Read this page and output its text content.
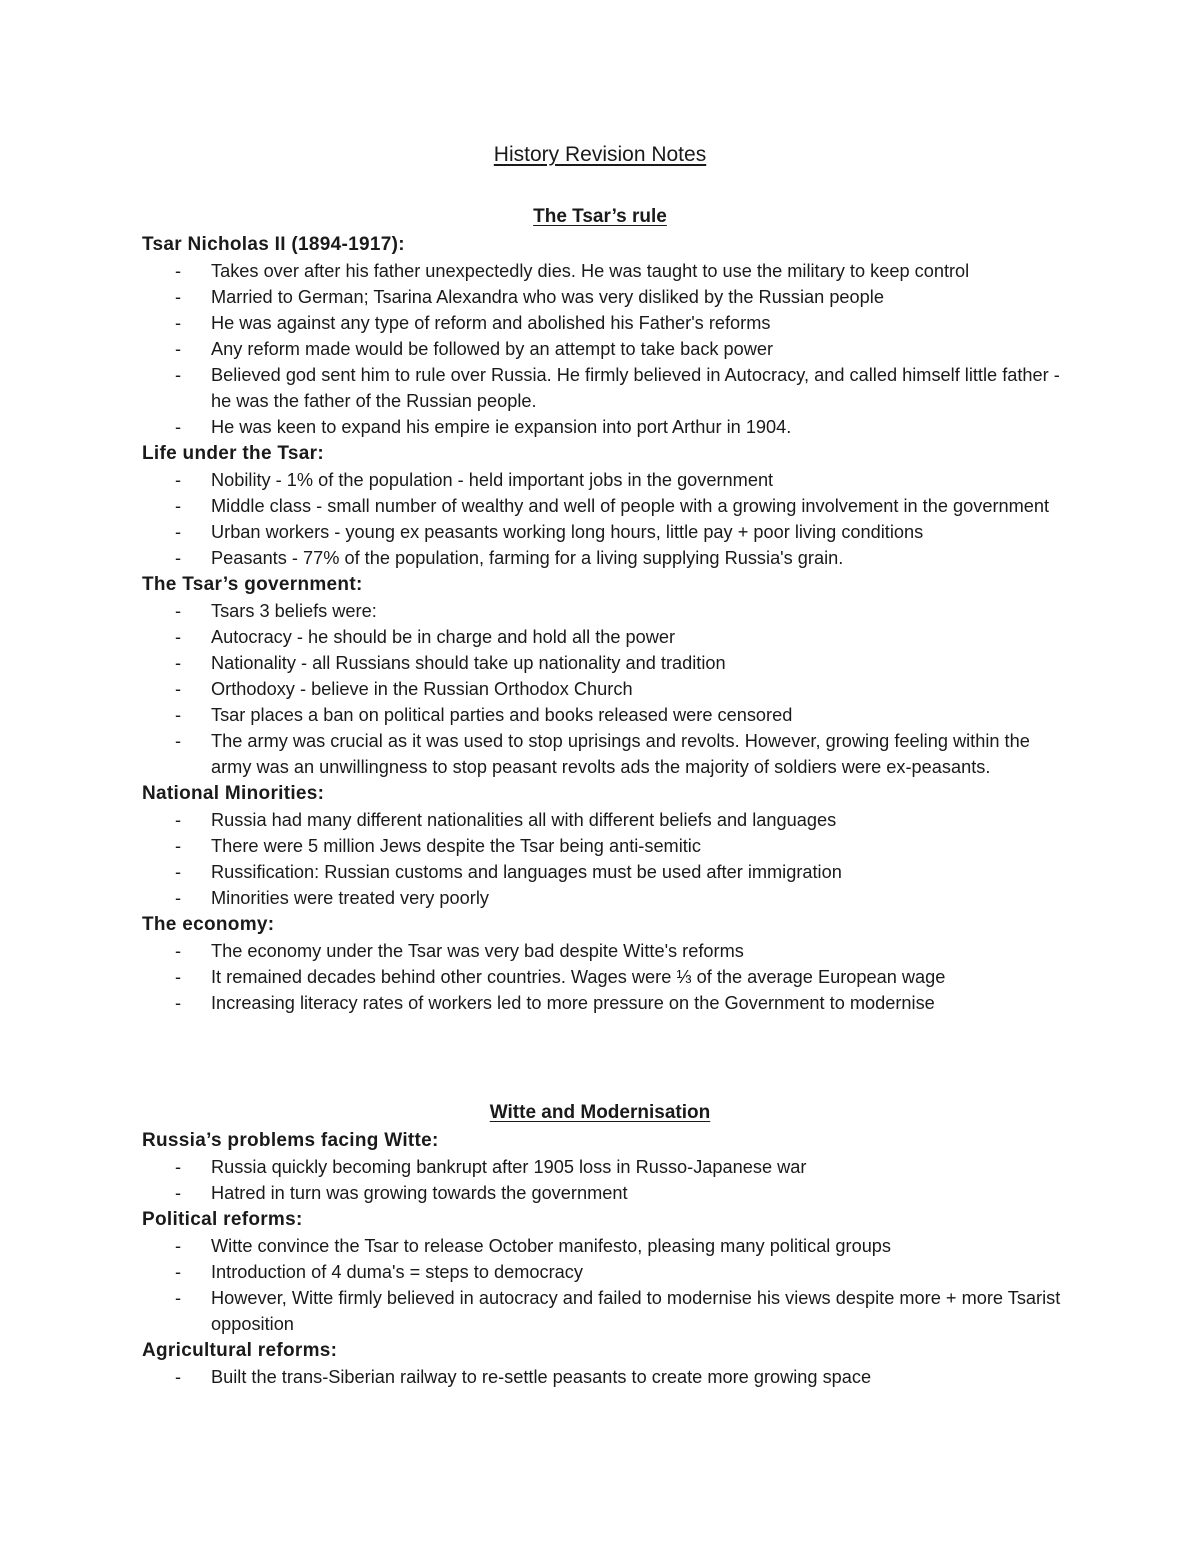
History Revision Notes
The Tsar’s rule
Tsar Nicholas II (1894-1917):
- Takes over after his father unexpectedly dies. He was taught to use the military to keep control
- Married to German; Tsarina Alexandra who was very disliked by the Russian people
- He was against any type of reform and abolished his Father's reforms
- Any reform made would be followed by an attempt to take back power
- Believed god sent him to rule over Russia. He firmly believed in Autocracy, and called himself little father - he was the father of the Russian people.
- He was keen to expand his empire ie expansion into port Arthur in 1904.
Life under the Tsar:
- Nobility - 1% of the population - held important jobs in the government
- Middle class - small number of wealthy and well of people with a growing involvement in the government
- Urban workers - young ex peasants working long hours, little pay + poor living conditions
- Peasants - 77% of the population, farming for a living supplying Russia's grain.
The Tsar’s government:
- Tsars 3 beliefs were:
- Autocracy - he should be in charge and hold all the power
- Nationality - all Russians should take up nationality and tradition
- Orthodoxy - believe in the Russian Orthodox Church
- Tsar places a ban on political parties and books released were censored
- The army was crucial as it was used to stop uprisings and revolts. However, growing feeling within the army was an unwillingness to stop peasant revolts ads the majority of soldiers were ex-peasants.
National Minorities:
- Russia had many different nationalities all with different beliefs and languages
- There were 5 million Jews despite the Tsar being anti-semitic
- Russification: Russian customs and languages must be used after immigration
- Minorities were treated very poorly
The economy:
- The economy under the Tsar was very bad despite Witte's reforms
- It remained decades behind other countries. Wages were ⅓ of the average European wage
- Increasing literacy rates of workers led to more pressure on the Government to modernise
Witte and Modernisation
Russia’s problems facing Witte:
- Russia quickly becoming bankrupt after 1905 loss in Russo-Japanese war
- Hatred in turn was growing towards the government
Political reforms:
- Witte convince the Tsar to release October manifesto, pleasing many political groups
- Introduction of 4 duma's = steps to democracy
- However, Witte firmly believed in autocracy and failed to modernise his views despite more + more Tsarist opposition
Agricultural reforms:
- Built the trans-Siberian railway to re-settle peasants to create more growing space
